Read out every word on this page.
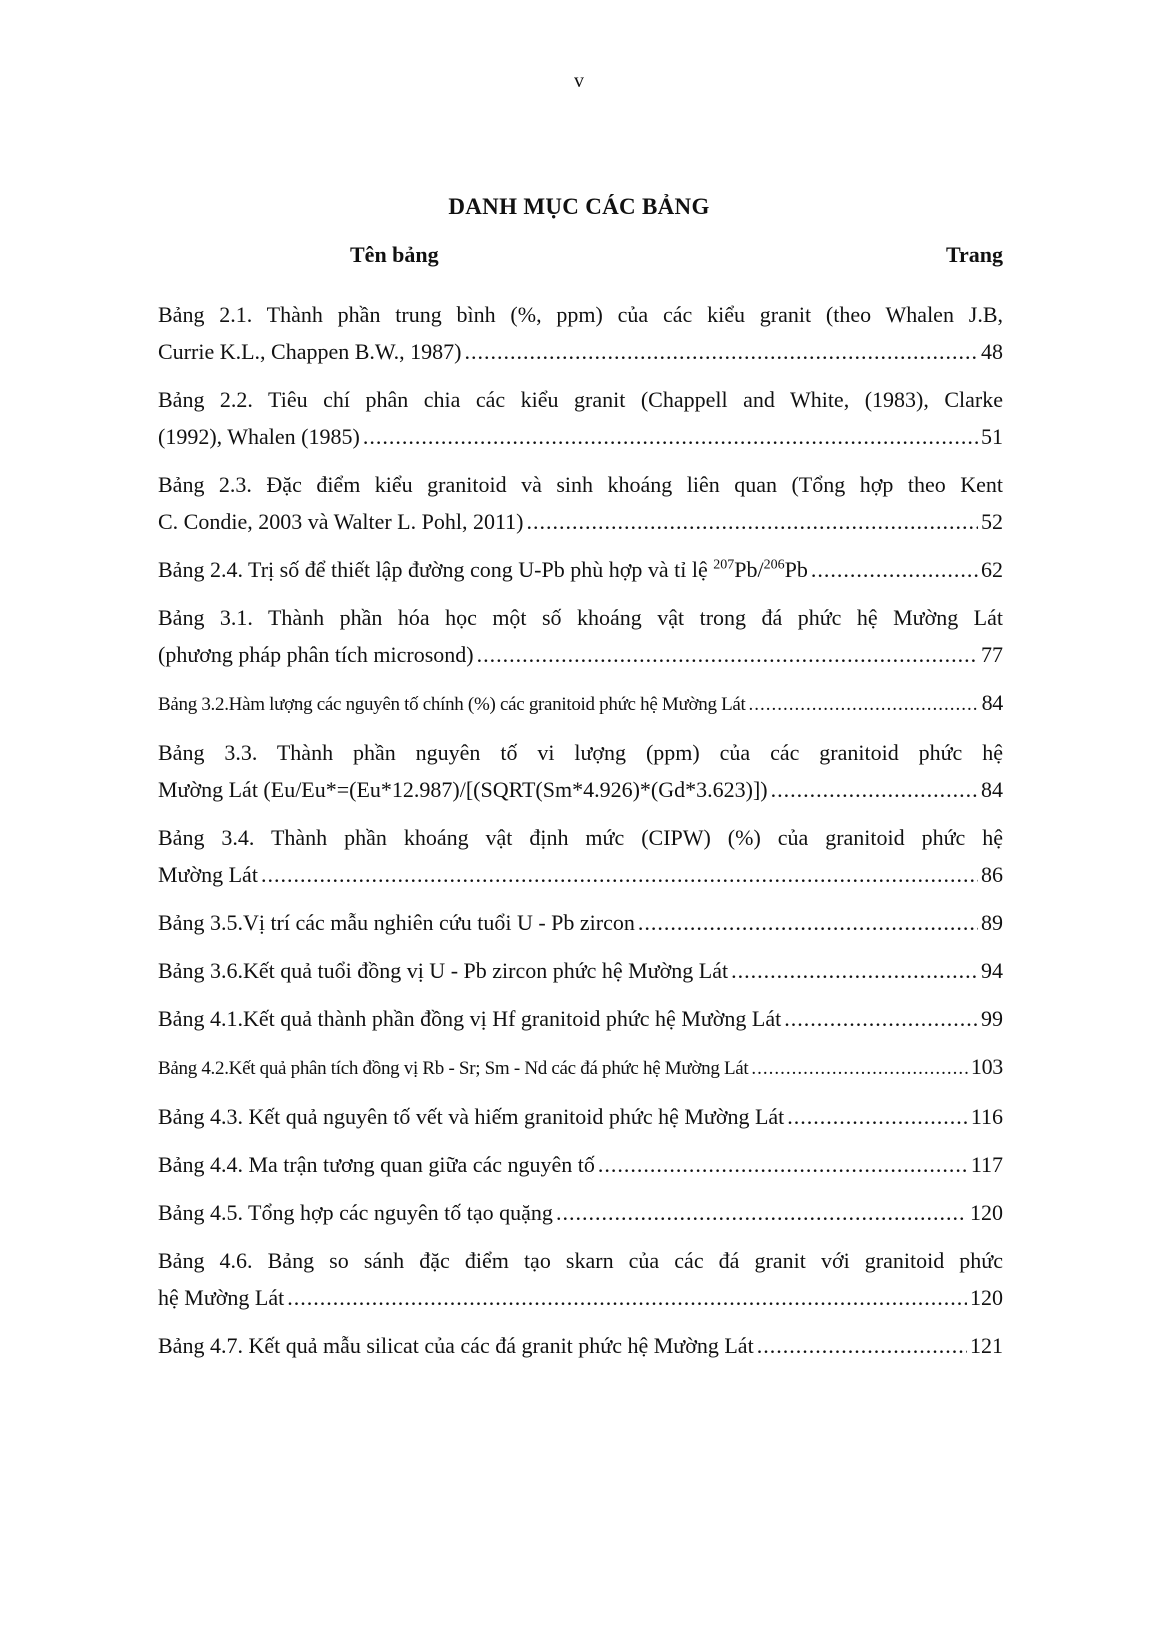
v
DANH MỤC CÁC BẢNG
Tên bảng	Trang
Bảng 2.1. Thành phần trung bình (%, ppm) của các kiểu granit (theo Whalen J.B,
Currie K.L., Chappen B.W., 1987) .....	48
Bảng 2.2. Tiêu chí phân chia các kiểu granit (Chappell and White, (1983), Clarke
(1992), Whalen (1985) .....	51
Bảng 2.3. Đặc điểm kiểu granitoid và sinh khoáng liên quan (Tổng hợp theo Kent
C. Condie, 2003 và Walter L. Pohl, 2011) .....	52
Bảng 2.4. Trị số để thiết lập đường cong U-Pb phù hợp và tỉ lệ $^{207}$Pb/$^{206}$Pb .....	62
Bảng 3.1. Thành phần hóa học một số khoáng vật trong đá phức hệ Mường Lát
(phương pháp phân tích microsond) .....	77
Bảng 3.2.Hàm lượng các nguyên tố chính (%) các granitoid phức hệ Mường Lát .....	84
Bảng 3.3. Thành phần nguyên tố vi lượng (ppm) của các granitoid phức hệ
Mường Lát (Eu/Eu*=(Eu*12.987)/[(SQRT(Sm*4.926)*(Gd*3.623)]) .....	84
Bảng 3.4. Thành phần khoáng vật định mức (CIPW) (%) của granitoid phức hệ
Mường Lát .....	86
Bảng 3.5.Vị trí các mẫu nghiên cứu tuổi U - Pb zircon .....	89
Bảng 3.6.Kết quả tuổi đồng vị U - Pb zircon phức hệ Mường Lát .....	94
Bảng 4.1.Kết quả thành phần đồng vị Hf granitoid phức hệ Mường Lát .....	99
Bảng 4.2.Kết quả phân tích đồng vị Rb - Sr; Sm - Nd các đá phức hệ Mường Lát .....	103
Bảng 4.3. Kết quả nguyên tố vết và hiếm granitoid phức hệ Mường Lát .....	116
Bảng 4.4. Ma trận tương quan giữa các nguyên tố .....	117
Bảng 4.5. Tổng hợp các nguyên tố tạo quặng .....	120
Bảng 4.6. Bảng so sánh đặc điểm tạo skarn của các đá granit với granitoid phức
hệ Mường Lát .....	120
Bảng 4.7. Kết quả mẫu silicat của các đá granit phức hệ Mường Lát .....	121
